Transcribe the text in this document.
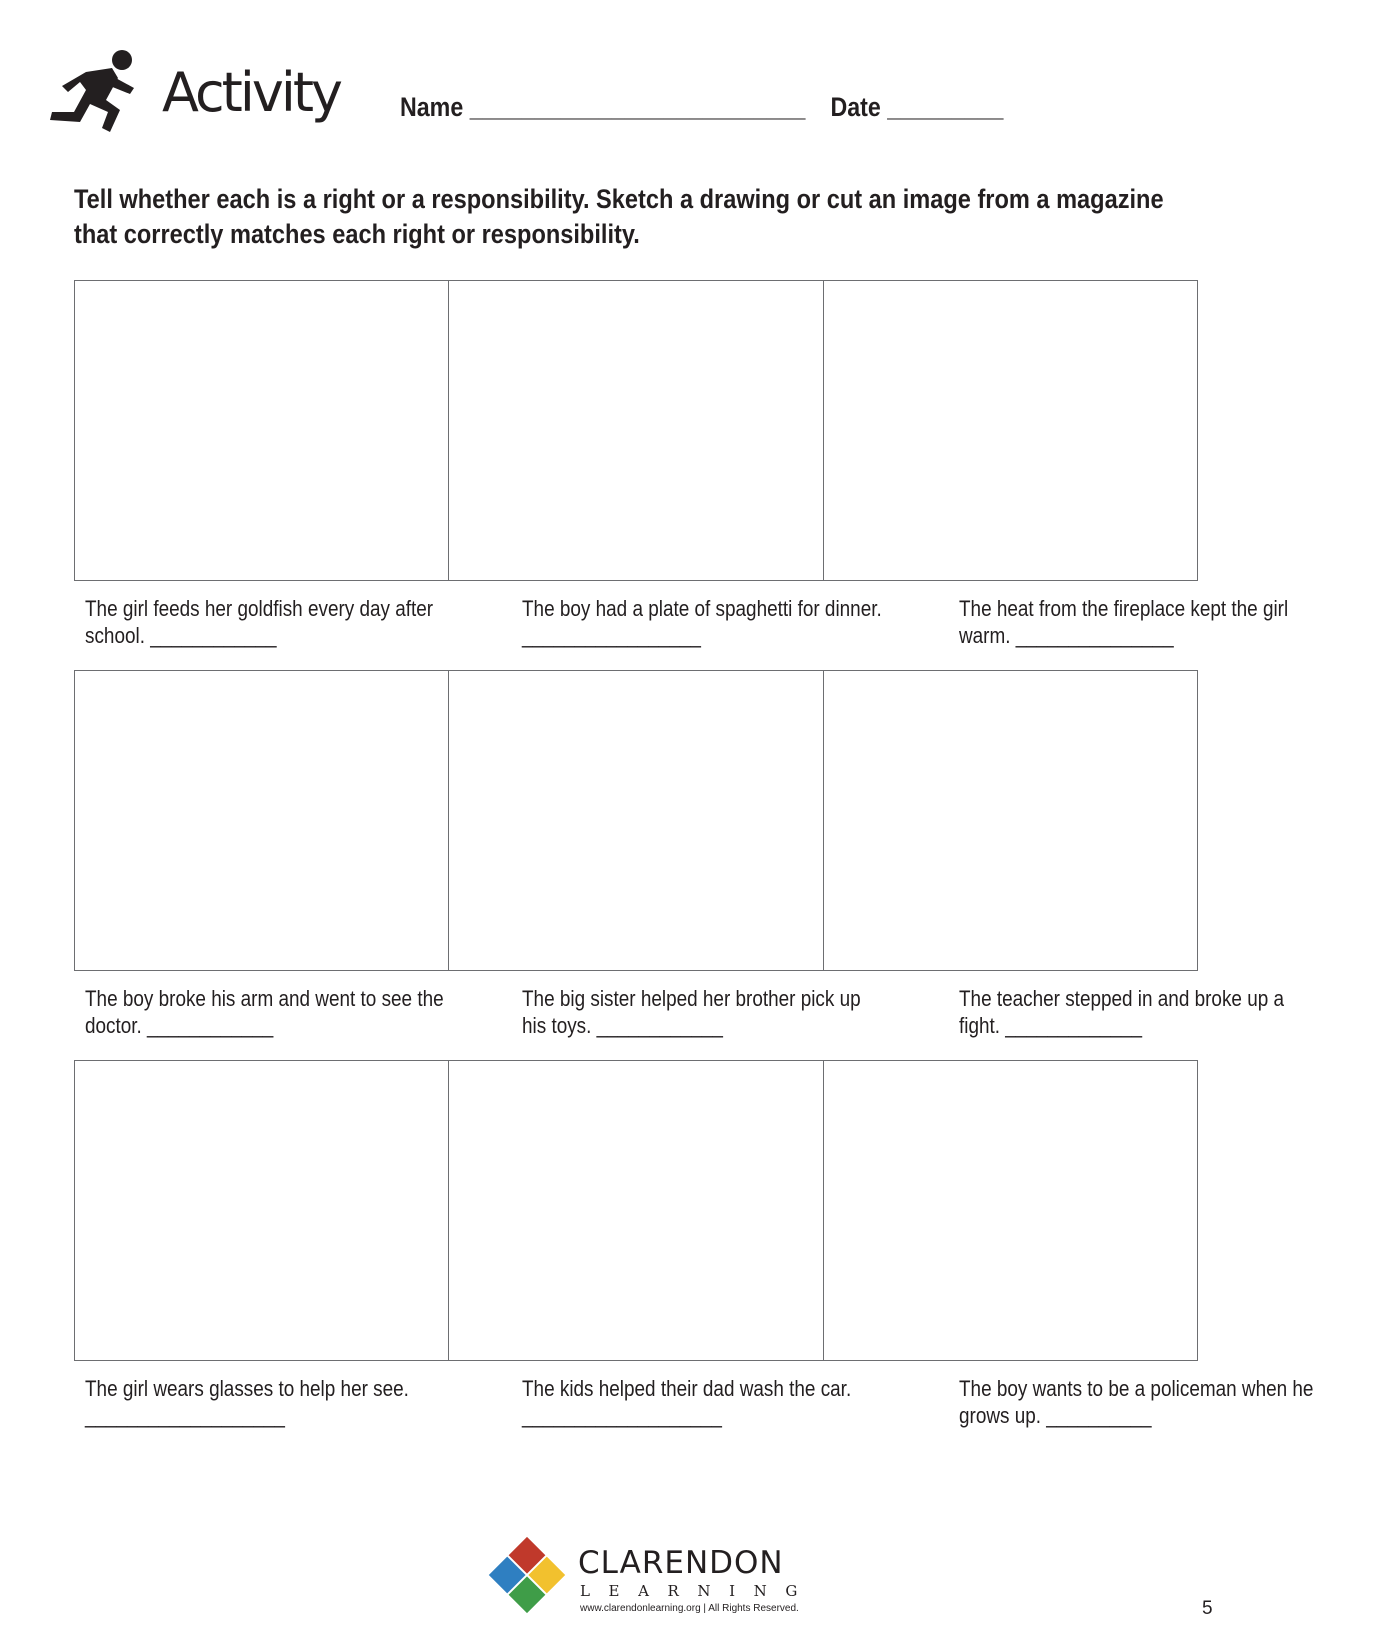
Activity Name __________________________ Date _________
Tell whether each is a right or a responsibility. Sketch a drawing or cut an image from a magazine that correctly matches each right or responsibility.
The girl feeds her goldfish every day after school. ____________
The boy had a plate of spaghetti for dinner. _________________
The heat from the fireplace kept the girl warm. _______________
The boy broke his arm and went to see the doctor. ____________
The big sister helped her brother pick up his toys. ____________
The teacher stepped in and broke up a fight. _____________
The girl wears glasses to help her see. ___________________
The kids helped their dad wash the car. ___________________
The boy wants to be a policeman when he grows up. __________
CLARENDON
LEARNING
www.clarendonlearning.org | All Rights Reserved.	5
